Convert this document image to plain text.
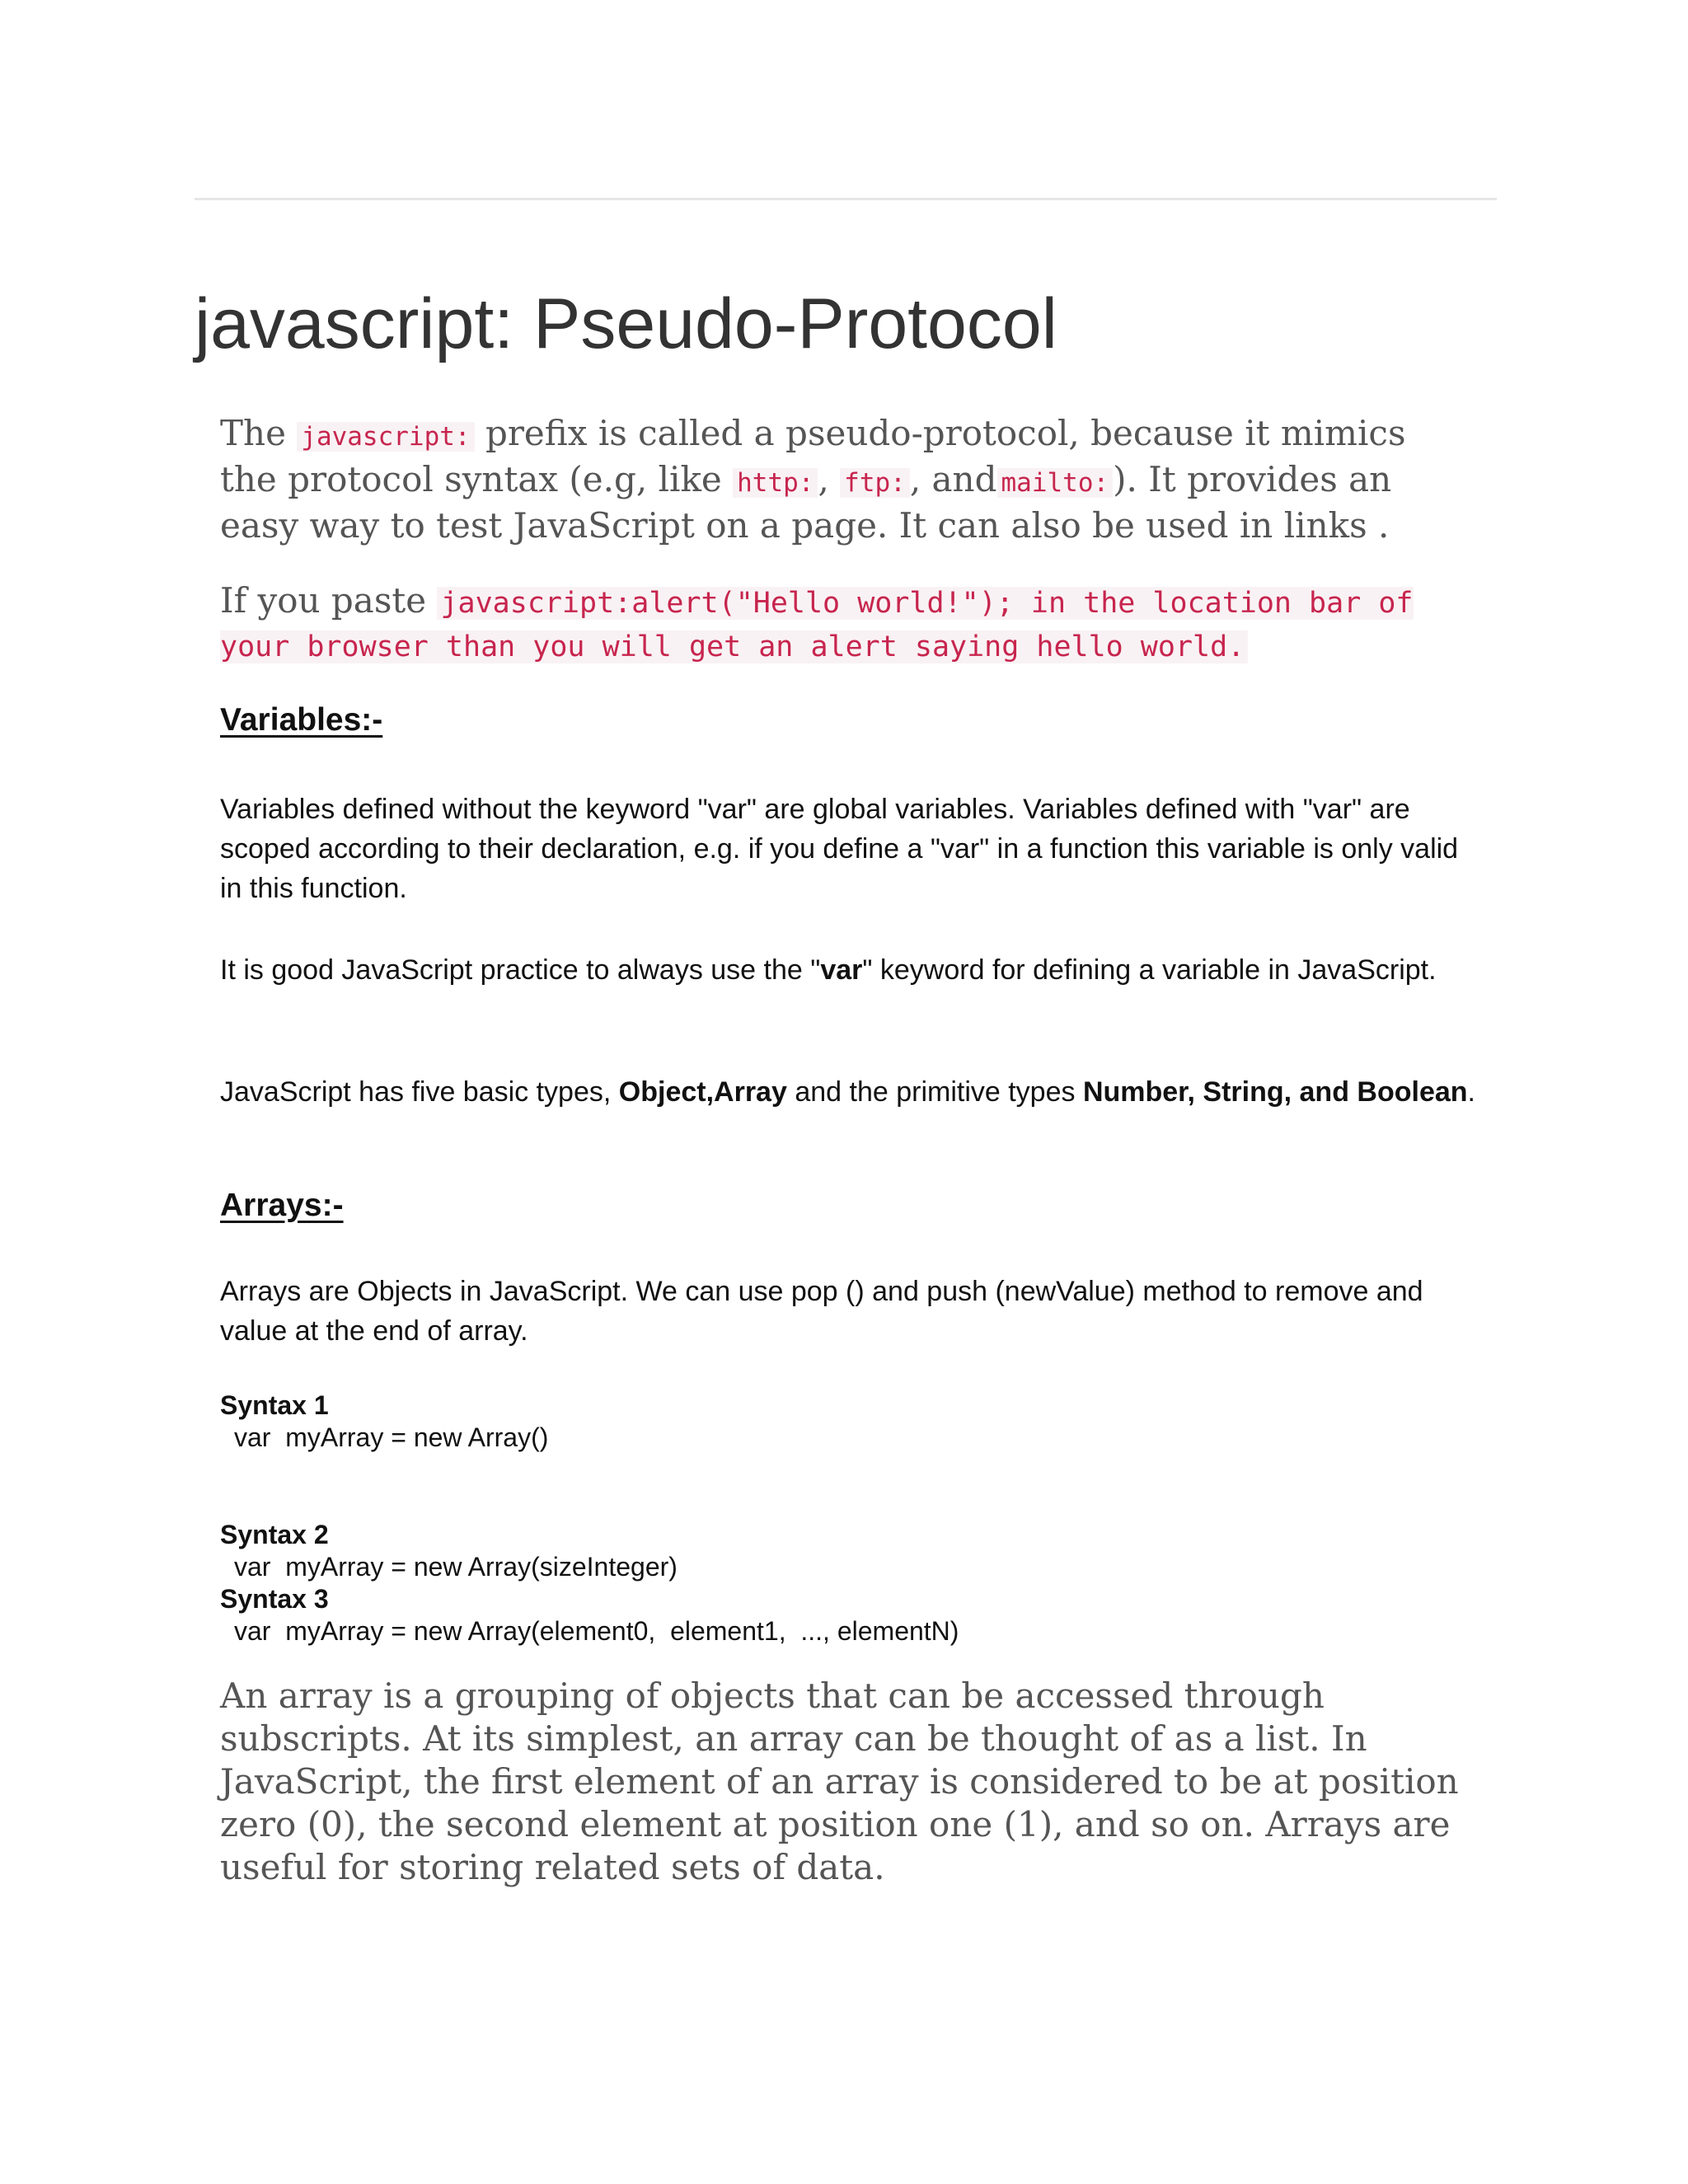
javascript: Pseudo-Protocol

The javascript: prefix is called a pseudo-protocol, because it mimics the protocol syntax (e.g, like http: , ftp: , and mailto: ). It provides an easy way to test JavaScript on a page. It can also be used in links .

If you paste javascript:alert("Hello world!"); in the location bar of your browser than you will get an alert saying hello world.

Variables:-

Variables defined without the keyword "var" are global variables. Variables defined with "var" are scoped according to their declaration, e.g. if you define a "var" in a function this variable is only valid in this function.

It is good JavaScript practice to always use the "var" keyword for defining a variable in JavaScript.

JavaScript has five basic types, Object,Array and the primitive types Number, String, and Boolean.

Arrays:-

Arrays are Objects in JavaScript. We can use pop () and push (newValue) method to remove and value at the end of array.

Syntax 1
var  myArray = new Array()
Syntax 2
var  myArray = new Array(sizeInteger)
Syntax 3
var  myArray = new Array(element0,  element1,  ..., elementN)

An array is a grouping of objects that can be accessed through subscripts. At its simplest, an array can be thought of as a list. In JavaScript, the first element of an array is considered to be at position zero (0), the second element at position one (1), and so on. Arrays are useful for storing related sets of data.
